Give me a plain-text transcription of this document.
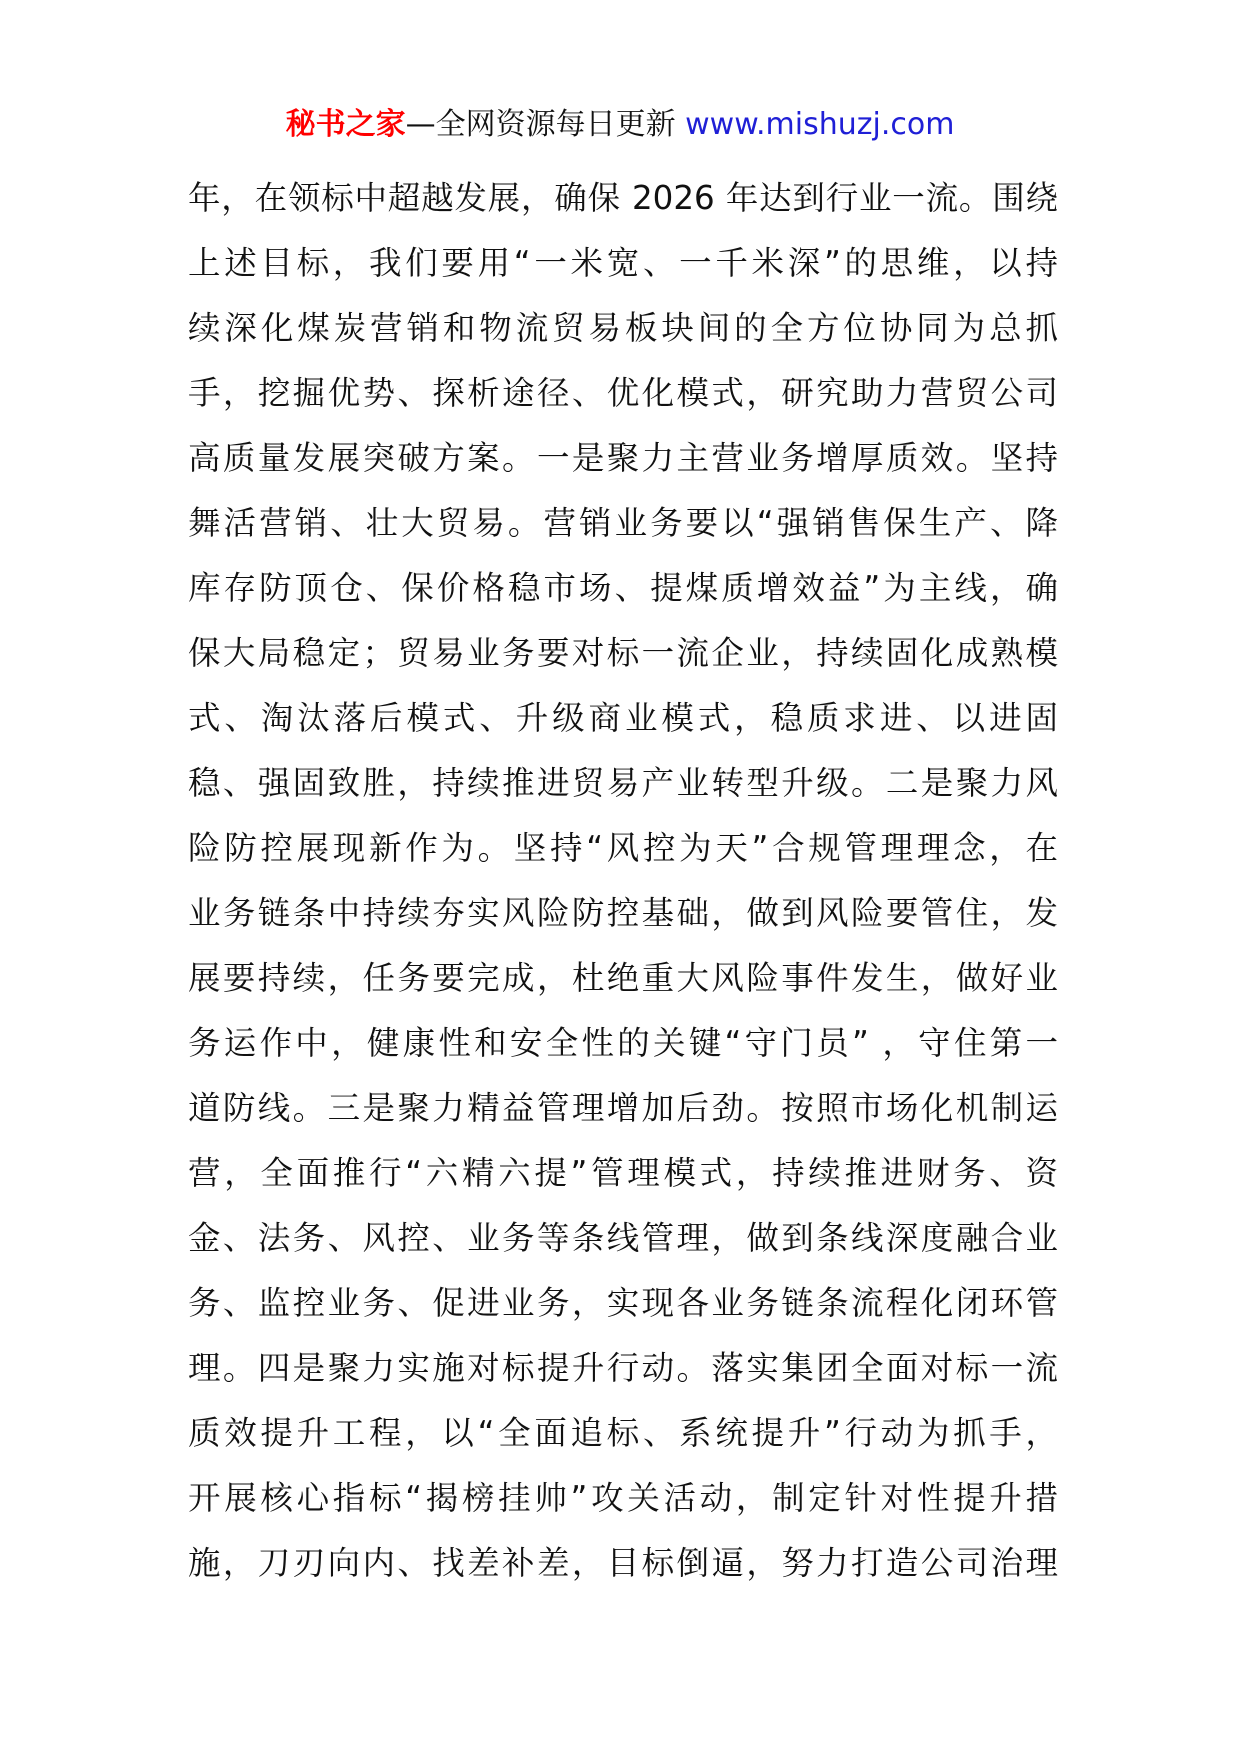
秘书之家—全网资源每日更新 www.mishuzj.com
年，在领标中超越发展，确保 2026 年达到行业一流。围绕
上述目标，我们要用“一米宽、一千米深”的思维，以持
续深化煤炭营销和物流贸易板块间的全方位协同为总抓
手，挖掘优势、探析途径、优化模式，研究助力营贸公司
高质量发展突破方案。一是聚力主营业务增厚质效。坚持
舞活营销、壮大贸易。营销业务要以“强销售保生产、降
库存防顶仓、保价格稳市场、提煤质增效益”为主线，确
保大局稳定；贸易业务要对标一流企业，持续固化成熟模
式、淘汰落后模式、升级商业模式，稳质求进、以进固
稳、强固致胜，持续推进贸易产业转型升级。二是聚力风
险防控展现新作为。坚持“风控为天”合规管理理念，在
业务链条中持续夯实风险防控基础，做到风险要管住，发
展要持续，任务要完成，杜绝重大风险事件发生，做好业
务运作中，健康性和安全性的关键“守门员” ，守住第一
道防线。三是聚力精益管理增加后劲。按照市场化机制运
营，全面推行“六精六提”管理模式，持续推进财务、资
金、法务、风控、业务等条线管理，做到条线深度融合业
务、监控业务、促进业务，实现各业务链条流程化闭环管
理。四是聚力实施对标提升行动。落实集团全面对标一流
质效提升工程，以“全面追标、系统提升”行动为抓手，
开展核心指标“揭榜挂帅”攻关活动，制定针对性提升措
施，刀刃向内、找差补差，目标倒逼，努力打造公司治理
